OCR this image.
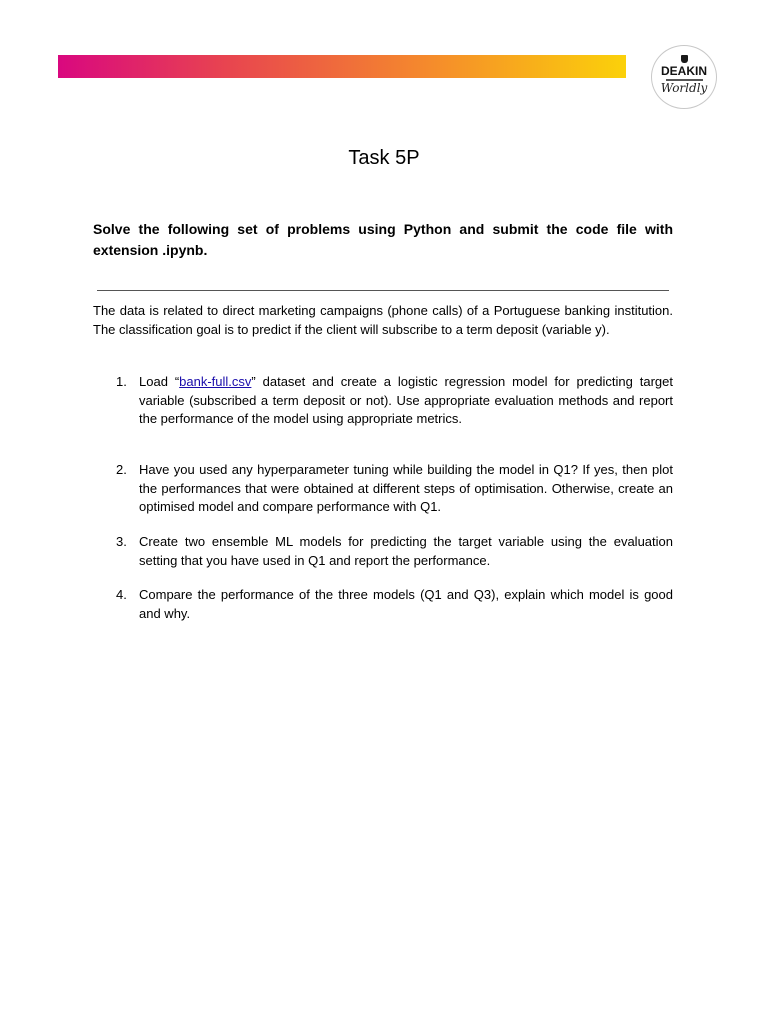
DEAKIN
Worldly
Task 5P

Solve the following set of problems using Python and submit the code file with extension .ipynb.

The data is related to direct marketing campaigns (phone calls) of a Portuguese banking institution. The classification goal is to predict if the client will subscribe to a term deposit (variable y).

1. Load “bank-full.csv” dataset and create a logistic regression model for predicting target variable (subscribed a term deposit or not). Use appropriate evaluation methods and report the performance of the model using appropriate metrics.
2. Have you used any hyperparameter tuning while building the model in Q1? If yes, then plot the performances that were obtained at different steps of optimisation. Otherwise, create an optimised model and compare performance with Q1.
3. Create two ensemble ML models for predicting the target variable using the evaluation setting that you have used in Q1 and report the performance.
4. Compare the performance of the three models (Q1 and Q3), explain which model is good and why.
